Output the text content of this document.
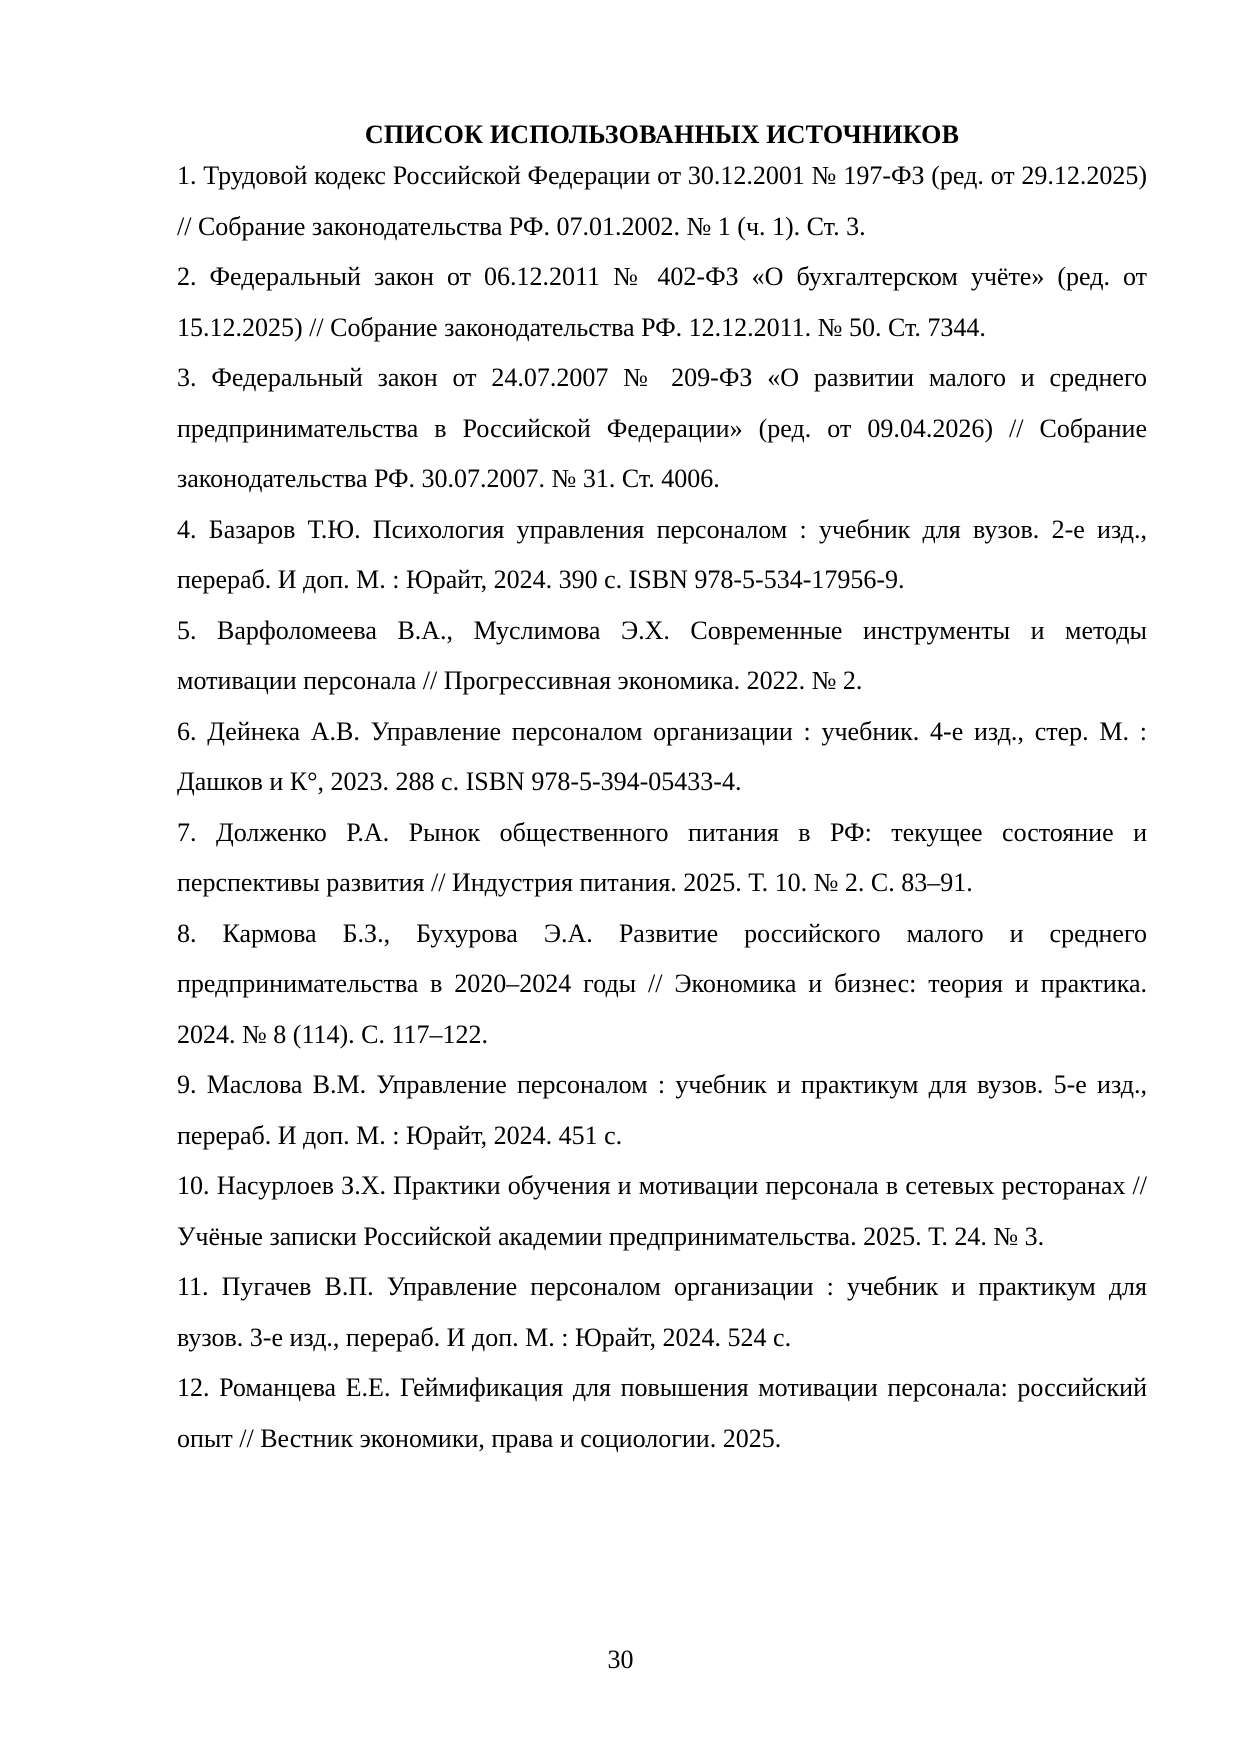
СПИСОК ИСПОЛЬЗОВАННЫХ ИСТОЧНИКОВ
1. Трудовой кодекс Российской Федерации от 30.12.2001 № 197-ФЗ (ред. от 29.12.2025) // Собрание законодательства РФ. 07.01.2002. № 1 (ч. 1). Ст. 3.
2. Федеральный закон от 06.12.2011 № 402-ФЗ «О бухгалтерском учёте» (ред. от 15.12.2025) // Собрание законодательства РФ. 12.12.2011. № 50. Ст. 7344.
3. Федеральный закон от 24.07.2007 № 209-ФЗ «О развитии малого и среднего предпринимательства в Российской Федерации» (ред. от 09.04.2026) // Собрание законодательства РФ. 30.07.2007. № 31. Ст. 4006.
4. Базаров Т.Ю. Психология управления персоналом : учебник для вузов. 2-е изд., перераб. И доп. М. : Юрайт, 2024. 390 с. ISBN 978-5-534-17956-9.
5. Варфоломеева В.А., Муслимова Э.Х. Современные инструменты и методы мотивации персонала // Прогрессивная экономика. 2022. № 2.
6. Дейнека А.В. Управление персоналом организации : учебник. 4-е изд., стер. М. : Дашков и К°, 2023. 288 с. ISBN 978-5-394-05433-4.
7. Долженко Р.А. Рынок общественного питания в РФ: текущее состояние и перспективы развития // Индустрия питания. 2025. Т. 10. № 2. С. 83–91.
8. Кармова Б.З., Бухурова Э.А. Развитие российского малого и среднего предпринимательства в 2020–2024 годы // Экономика и бизнес: теория и практика. 2024. № 8 (114). С. 117–122.
9. Маслова В.М. Управление персоналом : учебник и практикум для вузов. 5-е изд., перераб. И доп. М. : Юрайт, 2024. 451 с.
10. Насурлоев З.Х. Практики обучения и мотивации персонала в сетевых ресторанах // Учёные записки Российской академии предпринимательства. 2025. Т. 24. № 3.
11. Пугачев В.П. Управление персоналом организации : учебник и практикум для вузов. 3-е изд., перераб. И доп. М. : Юрайт, 2024. 524 с.
12. Романцева Е.Е. Геймификация для повышения мотивации персонала: российский опыт // Вестник экономики, права и социологии. 2025.
30
